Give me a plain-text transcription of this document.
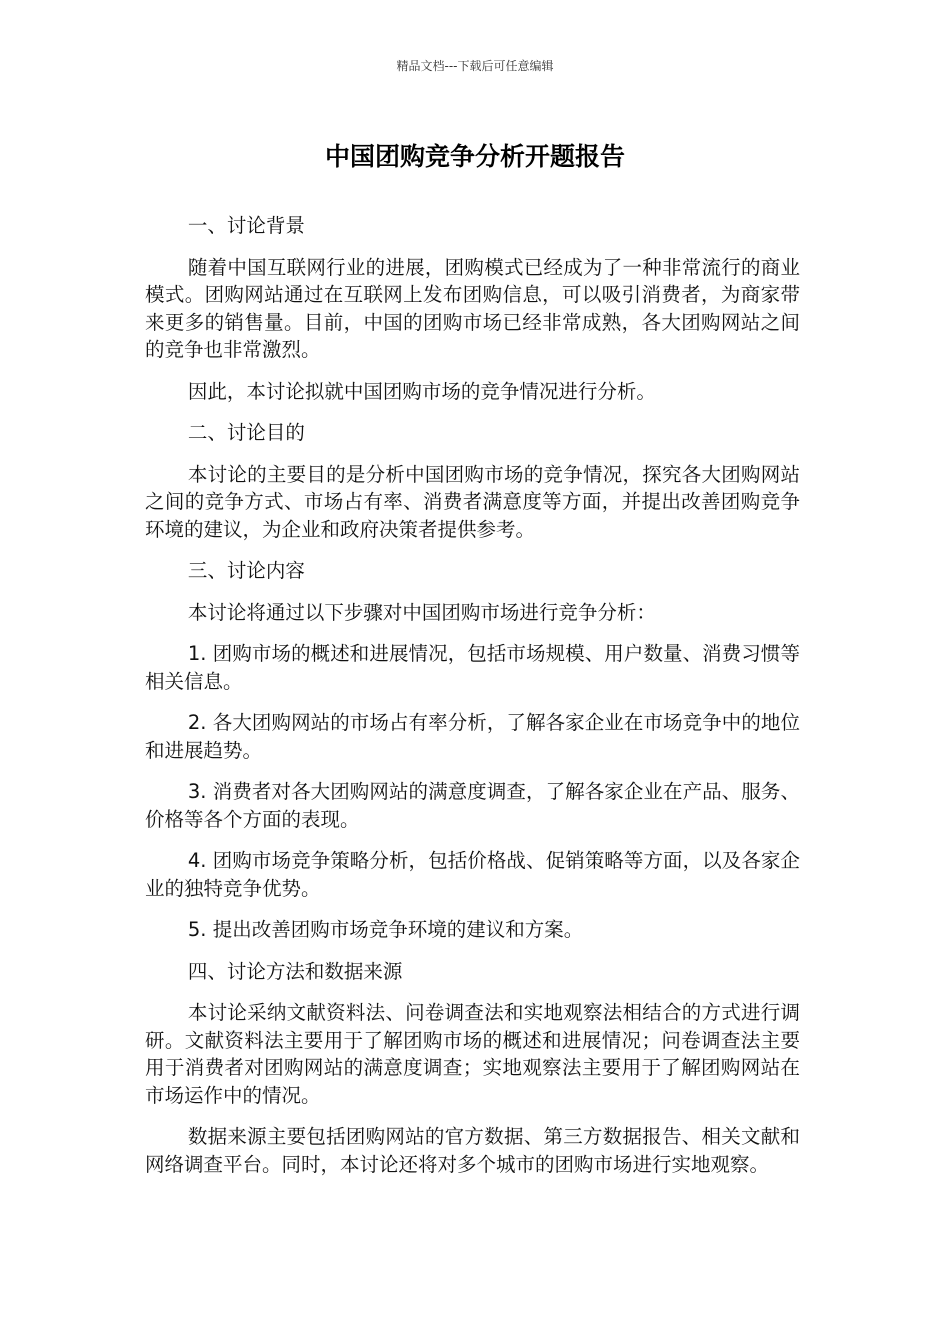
精品文档---下载后可任意编辑
中国团购竞争分析开题报告

一、讨论背景

随着中国互联网行业的进展，团购模式已经成为了一种非常流行的商业模式。团购网站通过在互联网上发布团购信息，可以吸引消费者，为商家带来更多的销售量。目前，中国的团购市场已经非常成熟，各大团购网站之间的竞争也非常激烈。

因此，本讨论拟就中国团购市场的竞争情况进行分析。

二、讨论目的

本讨论的主要目的是分析中国团购市场的竞争情况，探究各大团购网站之间的竞争方式、市场占有率、消费者满意度等方面，并提出改善团购竞争环境的建议，为企业和政府决策者提供参考。

三、讨论内容

本讨论将通过以下步骤对中国团购市场进行竞争分析：

1. 团购市场的概述和进展情况，包括市场规模、用户数量、消费习惯等相关信息。

2. 各大团购网站的市场占有率分析，了解各家企业在市场竞争中的地位和进展趋势。

3. 消费者对各大团购网站的满意度调查，了解各家企业在产品、服务、价格等各个方面的表现。

4. 团购市场竞争策略分析，包括价格战、促销策略等方面，以及各家企业的独特竞争优势。

5. 提出改善团购市场竞争环境的建议和方案。

四、讨论方法和数据来源

本讨论采纳文献资料法、问卷调查法和实地观察法相结合的方式进行调研。文献资料法主要用于了解团购市场的概述和进展情况；问卷调查法主要用于消费者对团购网站的满意度调查；实地观察法主要用于了解团购网站在市场运作中的情况。

数据来源主要包括团购网站的官方数据、第三方数据报告、相关文献和网络调查平台。同时，本讨论还将对多个城市的团购市场进行实地观察。
